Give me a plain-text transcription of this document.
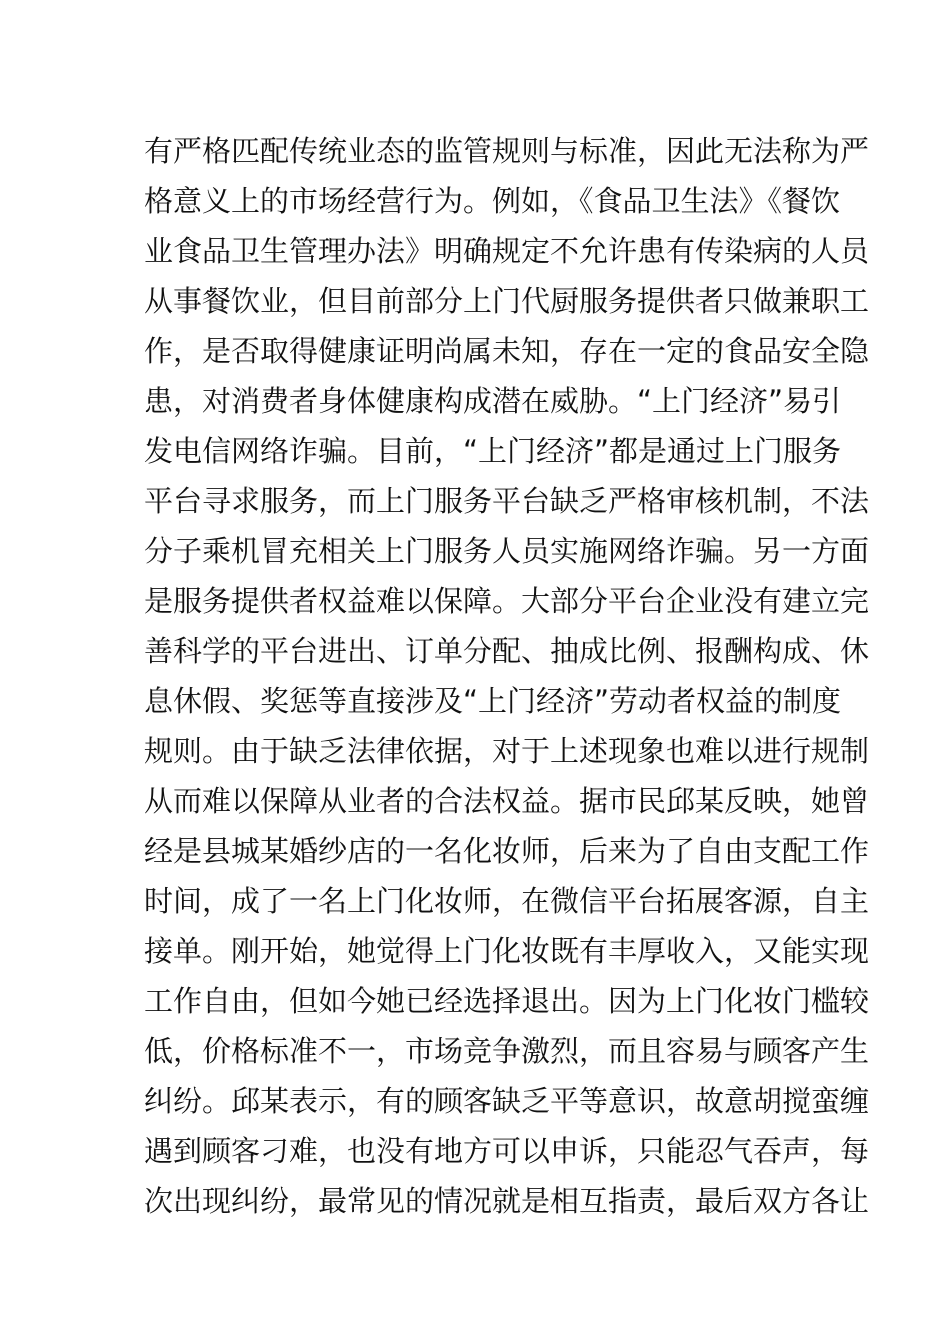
有严格匹配传统业态的监管规则与标准，因此无法称为严
格意义上的市场经营行为。例如，《食品卫生法》《餐饮
业食品卫生管理办法》明确规定不允许患有传染病的人员
从事餐饮业，但目前部分上门代厨服务提供者只做兼职工
作，是否取得健康证明尚属未知，存在一定的食品安全隐
患，对消费者身体健康构成潜在威胁。“上门经济”易引
发电信网络诈骗。目前，“上门经济”都是通过上门服务
平台寻求服务，而上门服务平台缺乏严格审核机制，不法
分子乘机冒充相关上门服务人员实施网络诈骗。另一方面
是服务提供者权益难以保障。大部分平台企业没有建立完
善科学的平台进出、订单分配、抽成比例、报酬构成、休
息休假、奖惩等直接涉及“上门经济”劳动者权益的制度
规则。由于缺乏法律依据，对于上述现象也难以进行规制
从而难以保障从业者的合法权益。据市民邱某反映，她曾
经是县城某婚纱店的一名化妆师，后来为了自由支配工作
时间，成了一名上门化妆师，在微信平台拓展客源，自主
接单。刚开始，她觉得上门化妆既有丰厚收入，又能实现
工作自由，但如今她已经选择退出。因为上门化妆门槛较
低，价格标准不一，市场竞争激烈，而且容易与顾客产生
纠纷。邱某表示，有的顾客缺乏平等意识，故意胡搅蛮缠
遇到顾客刁难，也没有地方可以申诉，只能忍气吞声，每
次出现纠纷，最常见的情况就是相互指责，最后双方各让
